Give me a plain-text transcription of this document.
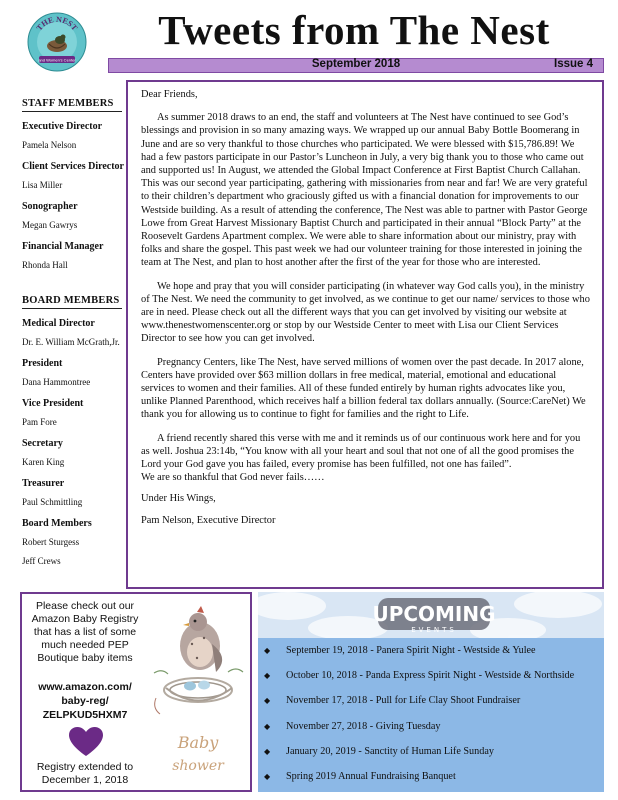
THE NEST
and Women's Center
Tweets from The Nest
September 2018	Issue 4
STAFF MEMBERS
Executive Director
Pamela Nelson
Client Services Director
Lisa Miller
Sonographer
Megan Gawrys
Financial Manager
Rhonda Hall
BOARD MEMBERS
Medical Director
Dr. E. William McGrath,Jr.
President
Dana Hammontree
Vice President
Pam Fore
Secretary
Karen King
Treasurer
Paul Schmittling
Board Members
Robert Sturgess
Jeff Crews

Dear Friends,

As summer 2018 draws to an end, the staff and volunteers at The Nest have continued to see God’s blessings and provision in so many amazing ways. We wrapped up our annual Baby Bottle Boomerang in June and are so very thankful to those churches who participated. We were blessed with $15,786.89! We had a few pastors participate in our Pastor’s Luncheon in July, a very big thank you to those who came out and supported us! In August, we attended the Global Impact Conference at First Baptist Church Callahan. This was our second year participating, gathering with missionaries from near and far! We are very grateful to their children’s department who graciously gifted us with a financial donation for improvements to our Westside building. As a result of attending the conference, The Nest was able to partner with Pastor George Lowe from Great Harvest Missionary Baptist Church and participated in their annual “Block Party” at the Roosevelt Gardens Apartment complex. We were able to share information about our ministry, pray with folks and share the gospel. This past week we had our volunteer training for those interested in joining the team at The Nest, and plan to host another after the first of the year for those who are interested.

We hope and pray that you will consider participating (in whatever way God calls you), in the ministry of The Nest. We need the community to get involved, as we continue to get our name/ services to those who are in need. Please check out all the different ways that you can get involved by visiting our website at www.thenestwomenscenter.org or stop by our Westside Center to meet with Lisa our Client Services Director to see how you can get involved.

Pregnancy Centers, like The Nest, have served millions of women over the past decade. In 2017 alone, Centers have provided over $63 million dollars in free medical, material, emotional and educational services to women and their families. All of these funded entirely by human rights advocates like you, unlike Planned Parenthood, which receives half a billion federal tax dollars annually. (Source:CareNet) We thank you for allowing us to continue to fight for families and the right to Life.

A friend recently shared this verse with me and it reminds us of our continuous work here and for you as well. Joshua 23:14b, “You know with all your heart and soul that not one of all the good promises the Lord your God gave you has failed, every promise has been fulfilled, not one has failed”.

We are so thankful that God never fails……

Under His Wings,

Pam Nelson, Executive Director

Please check out our Amazon Baby Registry that has a list of some much needed PEP Boutique baby items
www.amazon.com/
baby-reg/
ZELPKUD5HXM7
Registry extended to December 1, 2018
Baby
shower
UPCOMING
EVENTS
◆	September 19, 2018 - Panera Spirit Night - Westside & Yulee
◆	October 10, 2018 - Panda Express Spirit Night - Westside & Northside
◆	November 17, 2018 - Pull for Life Clay Shoot Fundraiser
◆	November 27, 2018 - Giving Tuesday
◆	January 20, 2019 - Sanctity of Human Life Sunday
◆	Spring 2019 Annual Fundraising Banquet
